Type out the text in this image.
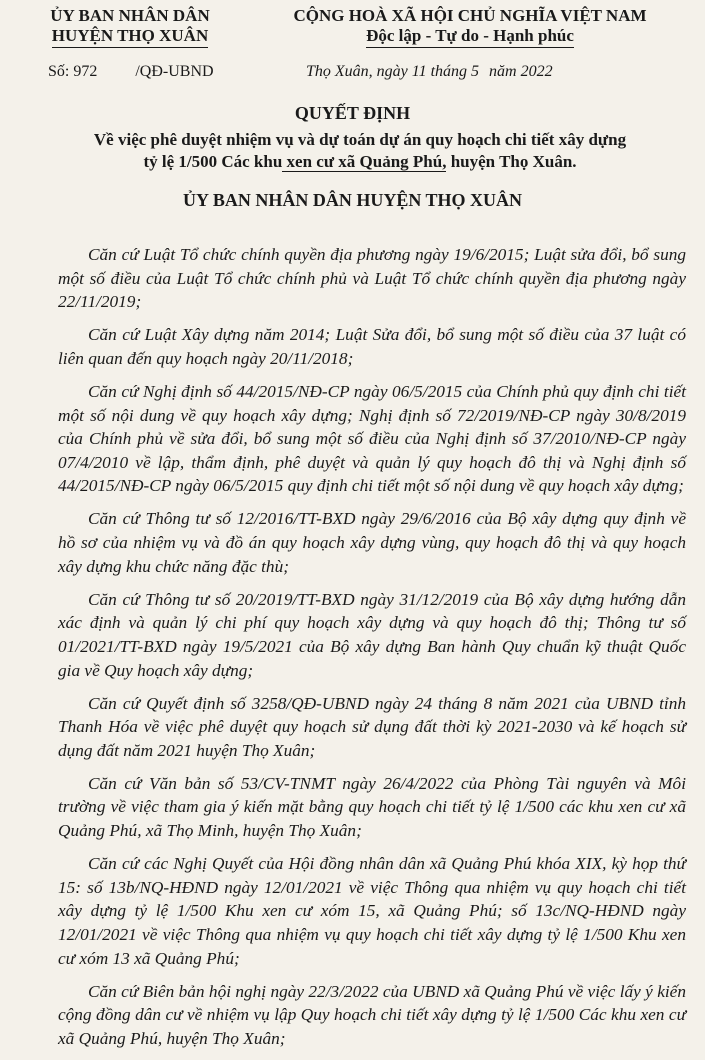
ỦY BAN NHÂN DÂN
HUYỆN THỌ XUÂN
CỘNG HOÀ XÃ HỘI CHỦ NGHĨA VIỆT NAM
Độc lập - Tự do - Hạnh phúc
Số: 972 /QĐ-UBND	Thọ Xuân, ngày 11 tháng 5 năm 2022
QUYẾT ĐỊNH
Về việc phê duyệt nhiệm vụ và dự toán dự án quy hoạch chi tiết xây dựng
tỷ lệ 1/500 Các khu xen cư xã Quảng Phú, huyện Thọ Xuân.
ỦY BAN NHÂN DÂN HUYỆN THỌ XUÂN

Căn cứ Luật Tổ chức chính quyền địa phương ngày 19/6/2015; Luật sửa đổi, bổ sung một số điều của Luật Tổ chức chính phủ và Luật Tổ chức chính quyền địa phương ngày 22/11/2019;

Căn cứ Luật Xây dựng năm 2014; Luật Sửa đổi, bổ sung một số điều của 37 luật có liên quan đến quy hoạch ngày 20/11/2018;

Căn cứ Nghị định số 44/2015/NĐ-CP ngày 06/5/2015 của Chính phủ quy định chi tiết một số nội dung về quy hoạch xây dựng; Nghị định số 72/2019/NĐ-CP ngày 30/8/2019 của Chính phủ về sửa đổi, bổ sung một số điều của Nghị định số 37/2010/NĐ-CP ngày 07/4/2010 về lập, thẩm định, phê duyệt và quản lý quy hoạch đô thị và Nghị định số 44/2015/NĐ-CP ngày 06/5/2015 quy định chi tiết một số nội dung về quy hoạch xây dựng;

Căn cứ Thông tư số 12/2016/TT-BXD ngày 29/6/2016 của Bộ xây dựng quy định về hồ sơ của nhiệm vụ và đồ án quy hoạch xây dựng vùng, quy hoạch đô thị và quy hoạch xây dựng khu chức năng đặc thù;

Căn cứ Thông tư số 20/2019/TT-BXD ngày 31/12/2019 của Bộ xây dựng hướng dẫn xác định và quản lý chi phí quy hoạch xây dựng và quy hoạch đô thị; Thông tư số 01/2021/TT-BXD ngày 19/5/2021 của Bộ xây dựng Ban hành Quy chuẩn kỹ thuật Quốc gia về Quy hoạch xây dựng;

Căn cứ Quyết định số 3258/QĐ-UBND ngày 24 tháng 8 năm 2021 của UBND tỉnh Thanh Hóa về việc phê duyệt quy hoạch sử dụng đất thời kỳ 2021-2030 và kế hoạch sử dụng đất năm 2021 huyện Thọ Xuân;

Căn cứ Văn bản số 53/CV-TNMT ngày 26/4/2022 của Phòng Tài nguyên và Môi trường về việc tham gia ý kiến mặt bằng quy hoạch chi tiết tỷ lệ 1/500 các khu xen cư xã Quảng Phú, xã Thọ Minh, huyện Thọ Xuân;

Căn cứ các Nghị Quyết của Hội đồng nhân dân xã Quảng Phú khóa XIX, kỳ họp thứ 15: số 13b/NQ-HĐND ngày 12/01/2021 về việc Thông qua nhiệm vụ quy hoạch chi tiết xây dựng tỷ lệ 1/500 Khu xen cư xóm 15, xã Quảng Phú; số 13c/NQ-HĐND ngày 12/01/2021 về việc Thông qua nhiệm vụ quy hoạch chi tiết xây dựng tỷ lệ 1/500 Khu xen cư xóm 13 xã Quảng Phú;

Căn cứ Biên bản hội nghị ngày 22/3/2022 của UBND xã Quảng Phú về việc lấy ý kiến cộng đồng dân cư về nhiệm vụ lập Quy hoạch chi tiết xây dựng tỷ lệ 1/500 Các khu xen cư xã Quảng Phú, huyện Thọ Xuân;
